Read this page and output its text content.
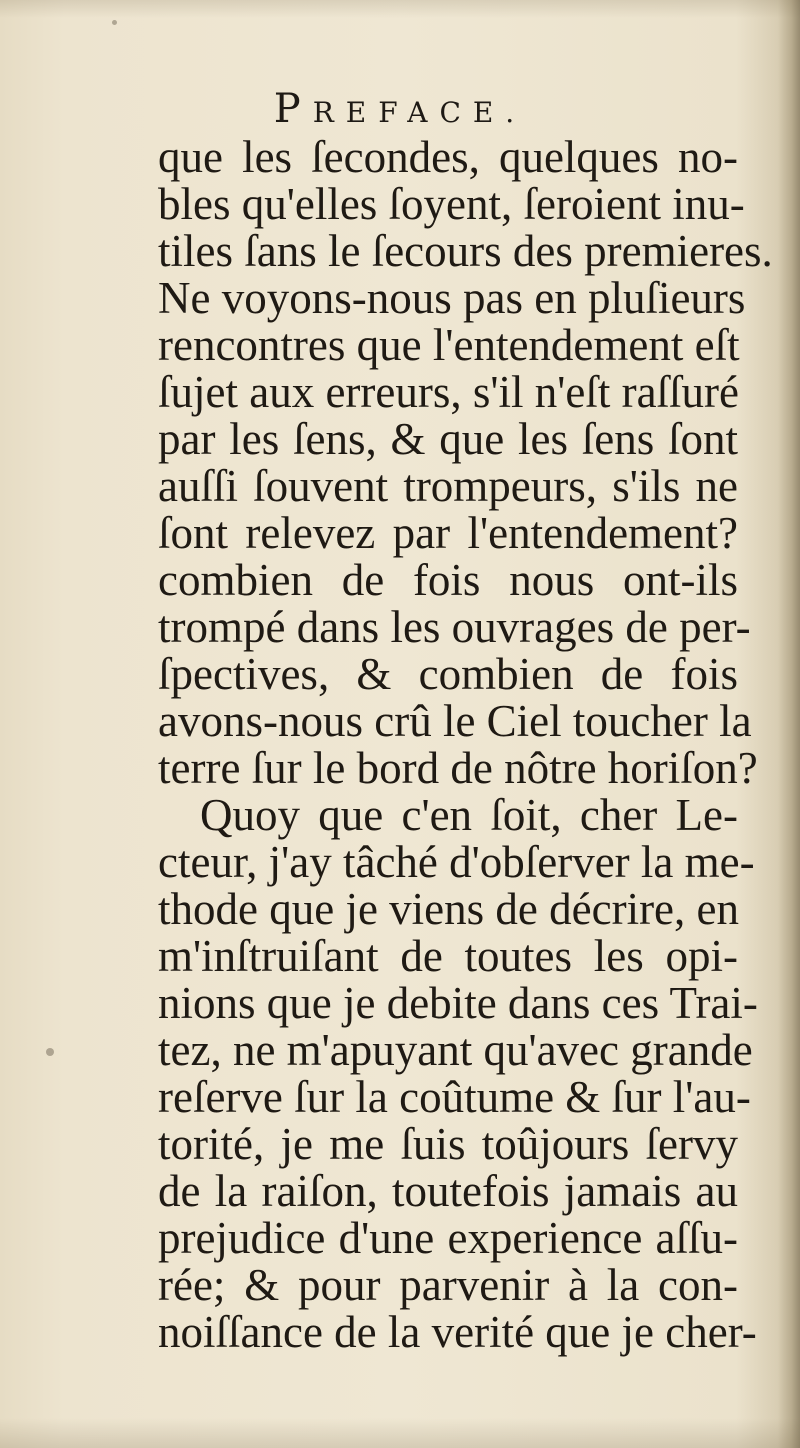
PREFACE.
que les ſecondes, quelques no-
bles qu'elles ſoyent, ſeroient inu-
tiles ſans le ſecours des premieres.
Ne voyons-nous pas en pluſieurs
rencontres que l'entendement eſt
ſujet aux erreurs, s'il n'eſt raſſuré
par les ſens, & que les ſens ſont
auſſi ſouvent trompeurs, s'ils ne
ſont relevez par l'entendement?
combien de fois nous ont-ils
trompé dans les ouvrages de per-
ſpectives, & combien de fois
avons-nous crû le Ciel toucher la
terre ſur le bord de nôtre horiſon?
Quoy que c'en ſoit, cher Le-
cteur, j'ay tâché d'obſerver la me-
thode que je viens de décrire, en
m'inſtruiſant de toutes les opi-
nions que je debite dans ces Trai-
tez, ne m'apuyant qu'avec grande
reſerve ſur la coûtume & ſur l'au-
torité, je me ſuis toûjours ſervy
de la raiſon, toutefois jamais au
prejudice d'une experience aſſu-
rée; & pour parvenir à la con-
noiſſance de la verité que je cher-
